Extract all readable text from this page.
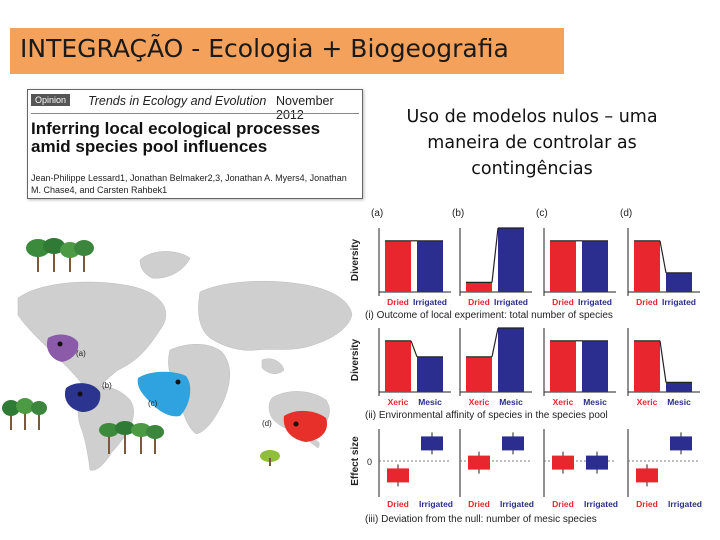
INTEGRAÇÃO - Ecologia + Biogeografia
Opinion	Trends in Ecology and Evolution November 2012
Inferring local ecological processes amid species pool influences
Jean-Philippe Lessard1, Jonathan Belmaker2,3, Jonathan A. Myers4, Jonathan M. Chase4, and Carsten Rahbek1
Uso de modelos nulos – uma maneira de controlar as contingências
(a)
(b)
(c)
(d)
(a)	(b)	(c)	(d)
Diversity
Dried Irrigated Dried Irrigated	Dried Irrigated	Dried Irrigated
(i) Outcome of local experiment: total number of species
Diversity
Xeric Mesic	Xeric Mesic	Xeric Mesic	Xeric Mesic
(ii) Environmental affinity of species in the species pool
Effect size 0
Dried Irrigated Dried Irrigated Dried Irrigated Dried Irrigated
(iii) Deviation from the null: number of mesic species
